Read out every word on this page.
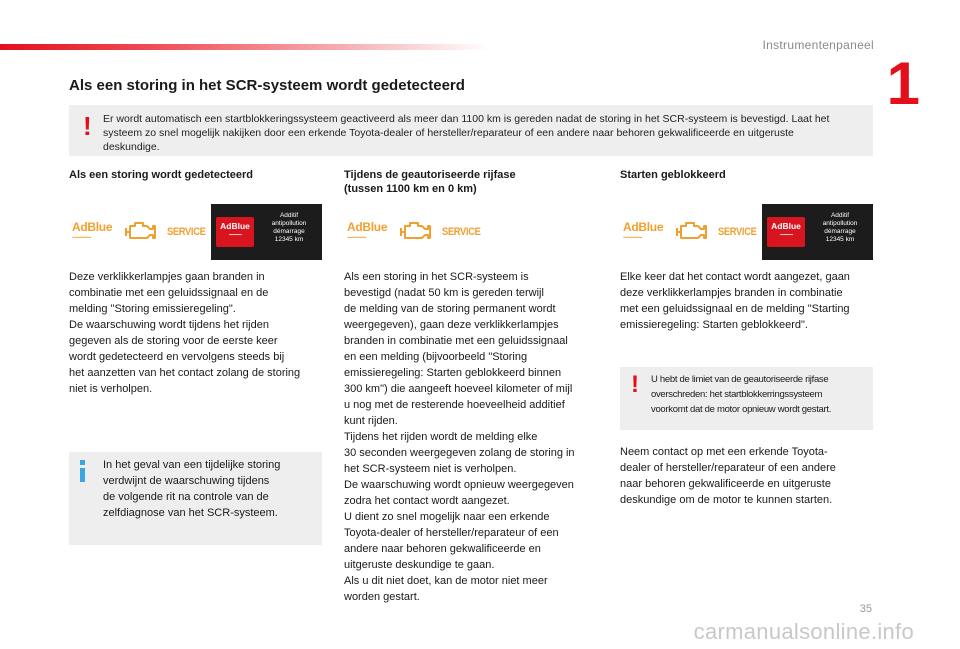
Instrumentenpaneel
1
Als een storing in het SCR-systeem wordt gedetecteerd
! Er wordt automatisch een startblokkeringssysteem geactiveerd als meer dan 1100 km is gereden nadat de storing in het SCR-systeem is bevestigd. Laat het systeem zo snel mogelijk nakijken door een erkende Toyota-dealer of hersteller/reparateur of een andere naar behoren gekwalificeerde en uitgeruste deskundige.
Als een storing wordt gedetecteerd
AdBlue
~~~~~	SERVICE	AdBlue
~~~~~
Additif
antipollution
démarrage
12345 km
Deze verklikkerlampjes gaan branden in
combinatie met een geluidssignaal en de
melding "Storing emissieregeling".
De waarschuwing wordt tijdens het rijden
gegeven als de storing voor de eerste keer
wordt gedetecteerd en vervolgens steeds bij
het aanzetten van het contact zolang de storing
niet is verholpen.
Tijdens de geautoriseerde rijfase
(tussen 1100 km en 0 km)
AdBlue
~~~~~	SERVICE
Als een storing in het SCR-systeem is
bevestigd (nadat 50 km is gereden terwijl
de melding van de storing permanent wordt
weergegeven), gaan deze verklikkerlampjes
branden in combinatie met een geluidssignaal
en een melding (bijvoorbeeld "Storing
emissieregeling: Starten geblokkeerd binnen
300 km") die aangeeft hoeveel kilometer of mijl
u nog met de resterende hoeveelheid additief
kunt rijden.
Tijdens het rijden wordt de melding elke
30 seconden weergegeven zolang de storing in
het SCR-systeem niet is verholpen.
De waarschuwing wordt opnieuw weergegeven
zodra het contact wordt aangezet.
U dient zo snel mogelijk naar een erkende
Toyota-dealer of hersteller/reparateur of een
andere naar behoren gekwalificeerde en
uitgeruste deskundige te gaan.
Als u dit niet doet, kan de motor niet meer
worden gestart.
Starten geblokkeerd
AdBlue
~~~~~	SERVICE	AdBlue
~~~~~
Additif
antipollution
démarrage
12345 km
Elke keer dat het contact wordt aangezet, gaan
deze verklikkerlampjes branden in combinatie
met een geluidssignaal en de melding "Starting
emissieregeling: Starten geblokkeerd".
In het geval van een tijdelijke storing
verdwijnt de waarschuwing tijdens
de volgende rit na controle van de
zelfdiagnose van het SCR-systeem.
! U hebt de limiet van de geautoriseerde rijfase
overschreden: het startblokkerringssysteem
voorkomt dat de motor opnieuw wordt gestart.
Neem contact op met een erkende Toyota-
dealer of hersteller/reparateur of een andere
naar behoren gekwalificeerde en uitgeruste
deskundige om de motor te kunnen starten.
35
carmanualsonline.info
